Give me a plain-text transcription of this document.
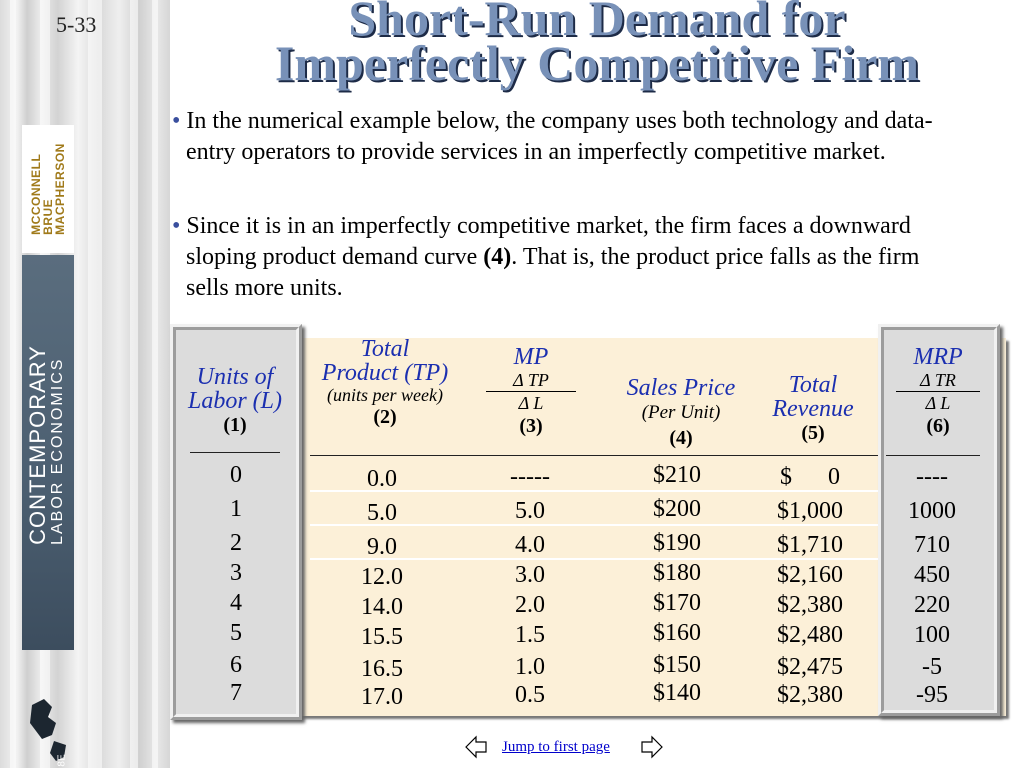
5-33
MCCONNELL
BRUE
MACPHERSON
CONTEMPORARY LABOR ECONOMICS
8E
Short-Run Demand for
Imperfectly Competitive Firm
• In the numerical example below, the company uses both technology and data-entry operators to provide services in an imperfectly competitive market.
• Since it is in an imperfectly competitive market, the firm faces a downward sloping product demand curve (4). That is, the product price falls as the firm sells more units.
Units of
Labor (L)
(1)
Total
Product (TP)
(units per week)
(2)
MP
Δ TP
Δ L
(3)
Sales Price
(Per Unit)
(4)
Total
Revenue
(5)
MRP
Δ TR
Δ L
(6)
0	0.0	-----	$210	$      0	----
1	5.0	5.0	$200	$1,000	1000
2	9.0	4.0	$190	$1,710	710
3	12.0	3.0	$180	$2,160	450
4	14.0	2.0	$170	$2,380	220
5	15.5	1.5	$160	$2,480	100
6	16.5	1.0	$150	$2,475	-5
7	17.0	0.5	$140	$2,380	-95
Jump to first page
